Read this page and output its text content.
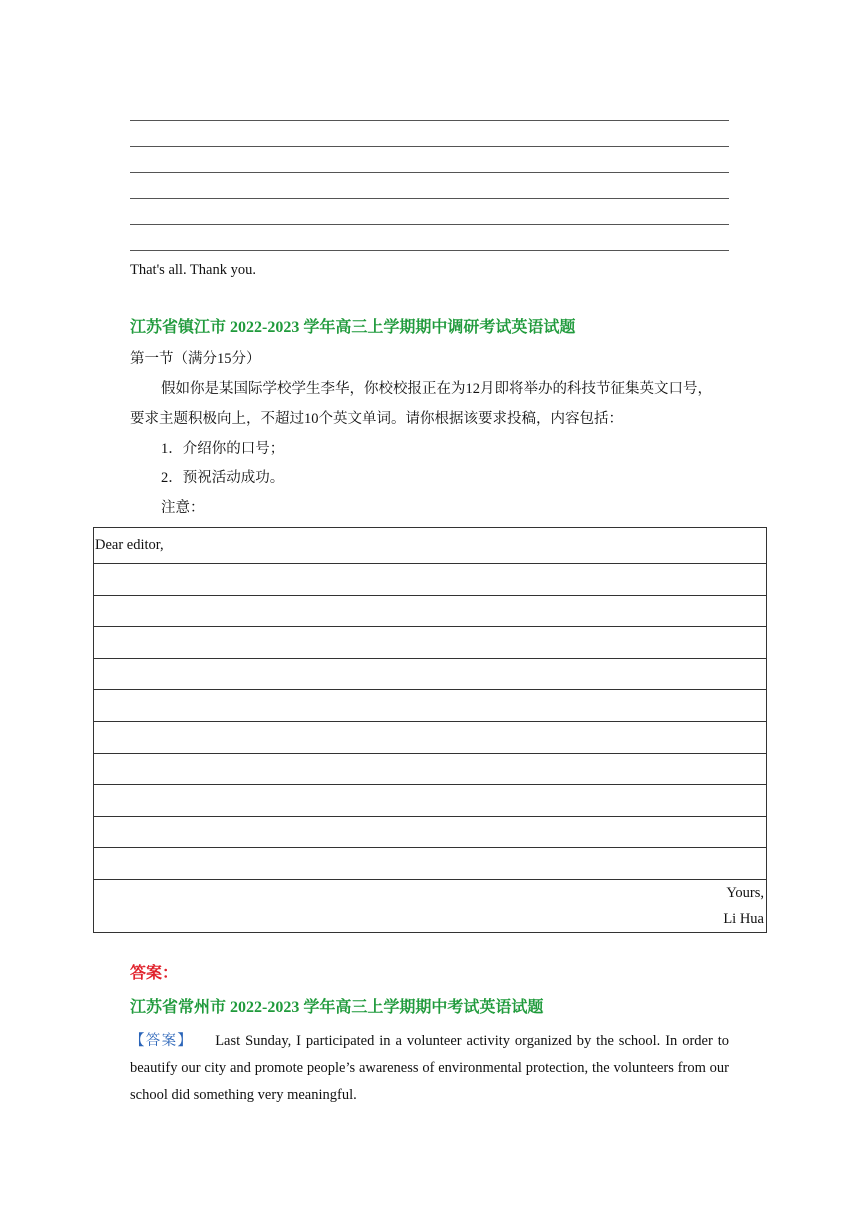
That's all. Thank you.
江苏省镇江市 2022-2023 学年高三上学期期中调研考试英语试题
第一节（满分15分）
假如你是某国际学校学生李华，你校校报正在为12月即将举办的科技节征集英文口号，
要求主题积极向上，不超过10个英文单词。请你根据该要求投稿，内容包括：
1．介绍你的口号；
2．预祝活动成功。
注意：
Dear editor,

Yours,
Li Hua
答案：
江苏省常州市 2022-2023 学年高三上学期期中考试英语试题
【答案】 Last Sunday, I participated in a volunteer activity organized by the school. In order to beautify our city and promote people’s awareness of environmental protection, the volunteers from our school did something very meaningful.
